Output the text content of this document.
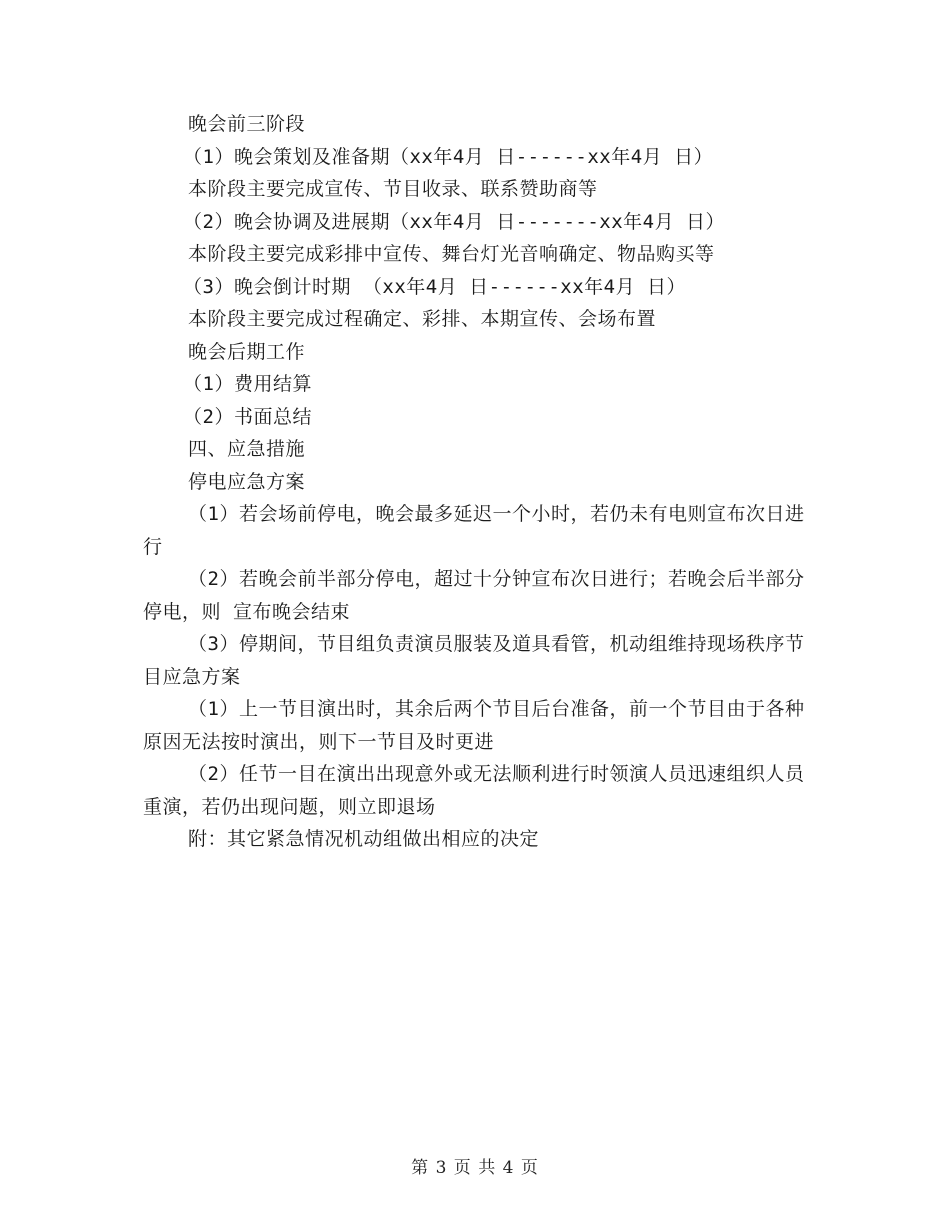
晚会前三阶段
（1）晚会策划及准备期（xx年4月 日------xx年4月 日）
本阶段主要完成宣传、节目收录、联系赞助商等
（2）晚会协调及进展期（xx年4月 日-------xx年4月 日）
本阶段主要完成彩排中宣传、舞台灯光音响确定、物品购买等
（3）晚会倒计时期 （xx年4月 日------xx年4月 日）
本阶段主要完成过程确定、彩排、本期宣传、会场布置
晚会后期工作
（1）费用结算
（2）书面总结
四、应急措施
停电应急方案
（1）若会场前停电，晚会最多延迟一个小时，若仍未有电则宣布次日进行
（2）若晚会前半部分停电，超过十分钟宣布次日进行；若晚会后半部分停电，则 宣布晚会结束
（3）停期间，节目组负责演员服装及道具看管，机动组维持现场秩序节目应急方案
（1）上一节目演出时，其余后两个节目后台准备，前一个节目由于各种原因无法按时演出，则下一节目及时更进
（2）任节一目在演出出现意外或无法顺利进行时领演人员迅速组织人员重演，若仍出现问题，则立即退场
附：其它紧急情况机动组做出相应的决定
第 3 页 共 4 页
